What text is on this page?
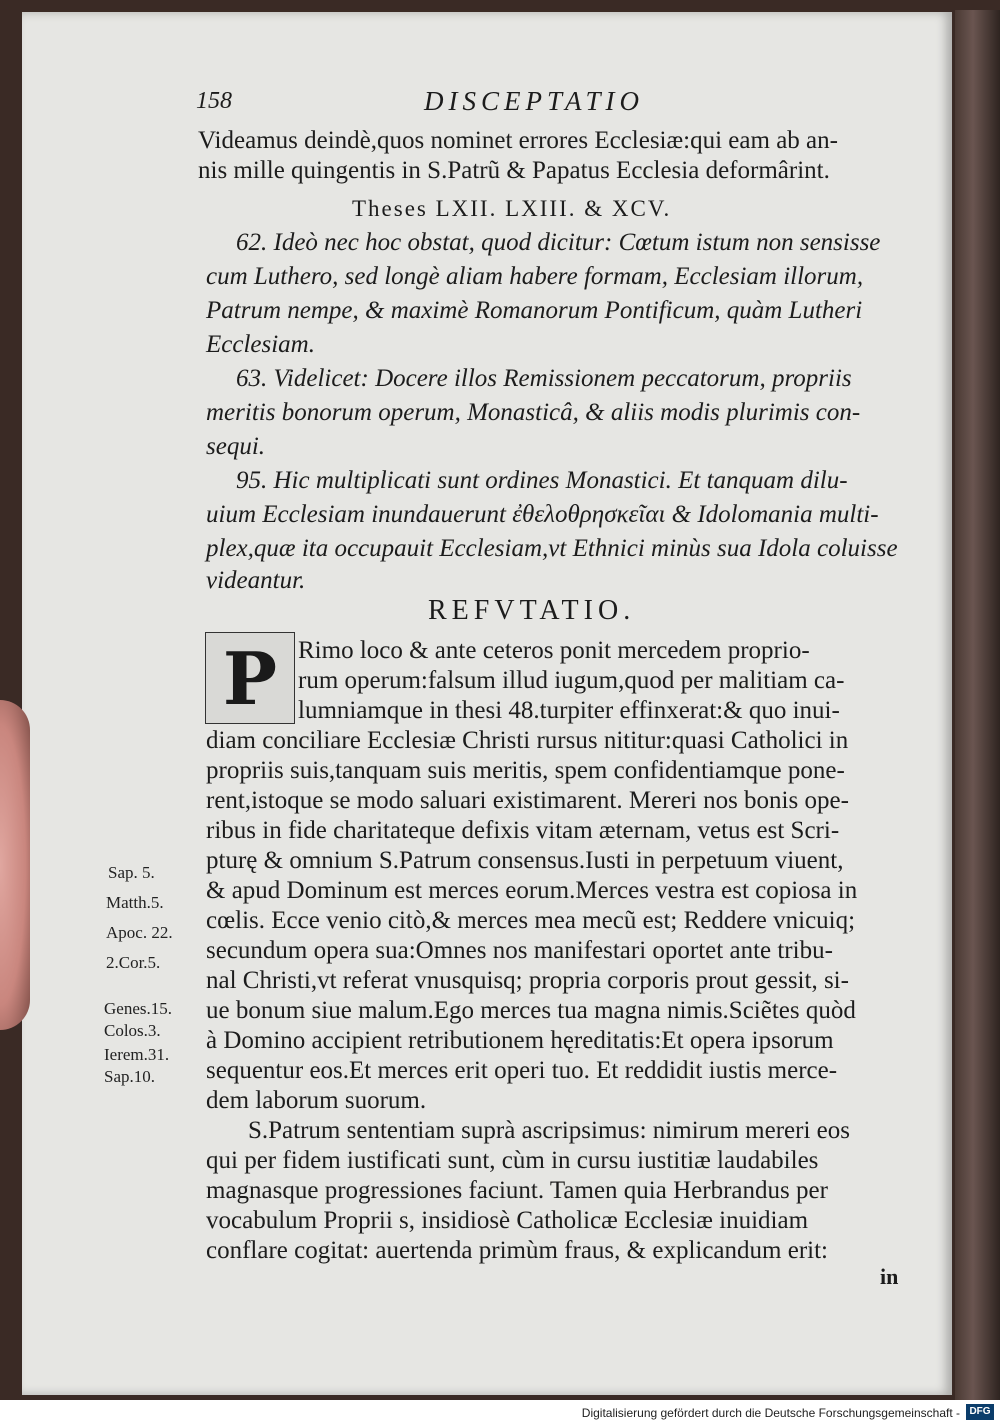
158	DISCEPTATIO
Videamus deindè,quos nominet errores Ecclesiæ:qui eam ab an-
nis mille quingentis in S.Patrũ & Papatus Ecclesia deformârint.
Theses LXII. LXIII. & XCV.
62. Ideò nec hoc obstat, quod dicitur: Cœtum istum non sensisse
cum Luthero, sed longè aliam habere formam, Ecclesiam illorum,
Patrum nempe, & maximè Romanorum Pontificum, quàm Lutheri
Ecclesiam.
63. Videlicet: Docere illos Remissionem peccatorum, propriis
meritis bonorum operum, Monasticâ, & aliis modis plurimis con-
sequi.
95. Hic multiplicati sunt ordines Monastici. Et tanquam dilu-
uium Ecclesiam inundauerunt ἐθελοθρησκεῖαι & Idolomania multi-
plex,quæ ita occupauit Ecclesiam,vt Ethnici minùs sua Idola coluisse
videantur.
REFVTATIO.
P Rimo loco & ante ceteros ponit mercedem proprio-
rum operum:falsum illud iugum,quod per malitiam ca-
lumniamque in thesi 48.turpiter effinxerat:& quo inui-
diam conciliare Ecclesiæ Christi rursus nititur:quasi Catholici in
propriis suis,tanquam suis meritis, spem confidentiamque pone-
rent,istoque se modo saluari existimarent. Mereri nos bonis ope-
ribus in fide charitateque defixis vitam æternam, vetus est Scri-
pturę & omnium S.Patrum consensus.Iusti in perpetuum viuent,
& apud Dominum est merces eorum.Merces vestra est copiosa in
cœlis. Ecce venio citò,& merces mea mecũ est; Reddere vnicuiq;
secundum opera sua:Omnes nos manifestari oportet ante tribu-
nal Christi,vt referat vnusquisq; propria corporis prout gessit, si-
ue bonum siue malum.Ego merces tua magna nimis.Sciẽtes quòd
à Domino accipient retributionem hęreditatis:Et opera ipsorum
sequentur eos.Et merces erit operi tuo. Et reddidit iustis merce-
dem laborum suorum.
S.Patrum sententiam suprà ascripsimus: nimirum mereri eos
qui per fidem iustificati sunt, cùm in cursu iustitiæ laudabiles
magnasque progressiones faciunt. Tamen quia Herbrandus per
vocabulum Proprii s, insidiosè Catholicæ Ecclesiæ inuidiam
conflare cogitat: auertenda primùm fraus, & explicandum erit:
in
Sap. 5.
Matth.5.
Apoc. 22.
2.Cor.5.
Genes.15.
Colos.3.
Ierem.31.
Sap.10.
Digitalisierung gefördert durch die Deutsche Forschungsgemeinschaft - DFG
